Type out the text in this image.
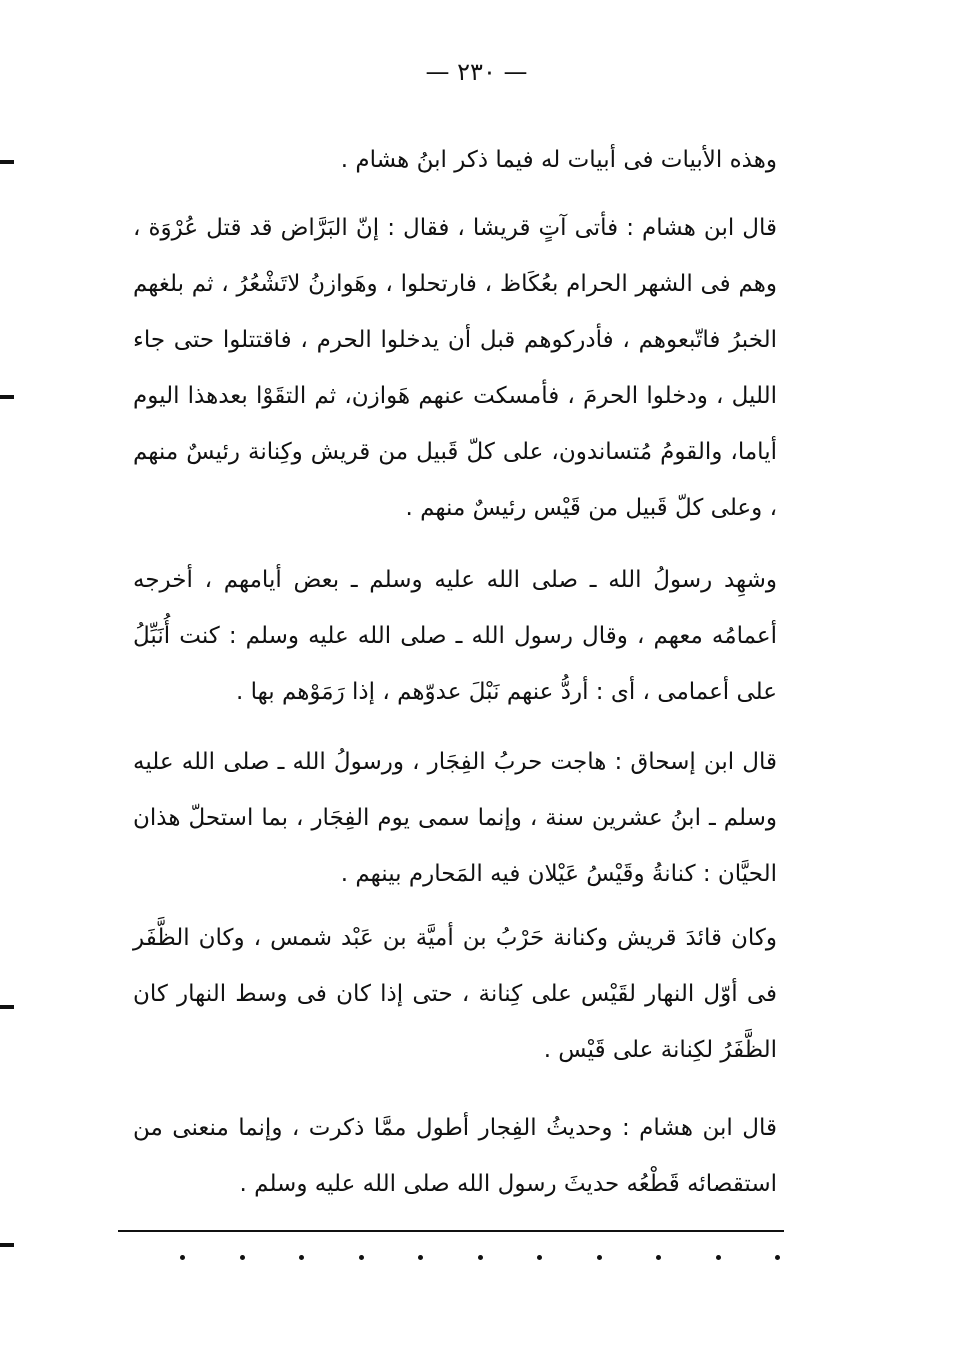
— ٢٣٠ —

وهذه الأبيات فى أبيات له فيما ذكر ابنُ هشام .

قال ابن هشام : فأتى آتٍ قريشا ، فقال : إنّ البَرَّاض قد قتل عُرْوَة ، وهم فى الشهر الحرام بعُكَاظ ، فارتحلوا ، وهَوازنُ لاتَشْعُرُ ، ثم بلغهم الخبرُ فاتّبعوهم ، فأدركوهم قبل أن يدخلوا الحرم ، فاقتتلوا حتى جاء الليل ، ودخلوا الحرمَ ، فأمسكت عنهم هَوازن، ثم التقَوْا بعدهذا اليوم أياما، والقومُ مُتساندون، على كلّ قَبيل من قريش وكِنانة رئيسٌ منهم ، وعلى كلّ قَبيل من قَيْس رئيسٌ منهم .

وشهِد رسولُ الله ـ صلى الله عليه وسلم ـ بعض أيامهم ، أخرجه أعمامُه معهم ، وقال رسول الله ـ صلى الله عليه وسلم : كنت أُنَبِّلُ على أعمامى ، أى : أردُّ عنهم نَبْلَ عدوّهم ، إذا رَمَوْهم بها .

قال ابن إسحاق : هاجت حربُ الفِجَار ، ورسولُ الله ـ صلى الله عليه وسلم ـ ابنُ عشرين سنة ، وإنما سمى يوم الفِجَار ، بما استحلّ هذان الحيَّان : كنانةُ وقَيْسُ عَيْلان فيه المَحارم بينهم .

وكان قائدَ قريش وكنانة حَرْبُ بن أميَّة بن عَبْد شمس ، وكان الظَّفَر فى أوّل النهار لقَيْس على كِنانة ، حتى إذا كان فى وسط النهار كان الظَّفَرُ لكِنانة على قَيْس .

قال ابن هشام : وحديثُ الفِجار أطول ممَّا ذكرت ، وإنما منعنى من استقصائه قَطْعُه حديثَ رسول الله صلى الله عليه وسلم .
